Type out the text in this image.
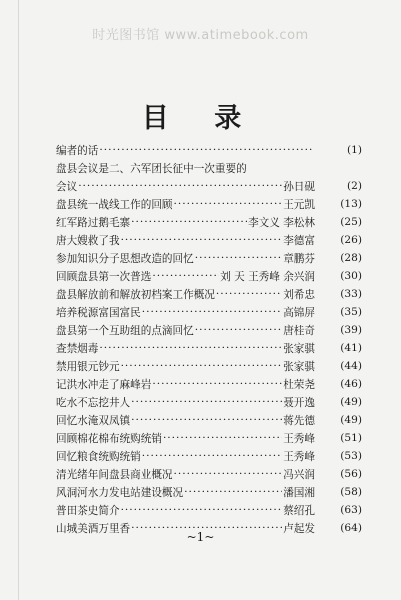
时光图书馆 www.atimebook.com
目 录
编者的话 ·····	(1)
盘县会议是二、六军团长征中一次重要的
会议 ·····	孙日砚	(2)
盘县统一战线工作的回顾 ·····	王元凯	(13)
红军路过鹅毛寨 ·····	李文义 李松林	(25)
唐大嫂救了我 ·····	李德富	(26)
参加知识分子思想改造的回忆 ·····	章鹏芬	(28)
回顾盘县第一次普选 ·····	刘 天 王秀峰 余兴润	(30)
盘县解放前和解放初档案工作概况 ·····	刘希忠	(33)
培养税源富国富民 ·····	高锦屏	(35)
盘县第一个互助组的点滴回忆 ·····	唐桂奇	(39)
查禁烟毒 ·····	张家骐	(41)
禁用银元钞元 ·····	张家骐	(44)
记洪水冲走了麻峰岩 ·····	杜荣尧	(46)
吃水不忘挖井人 ·····	聂开逸	(49)
回忆水淹双凤镇 ·····	蒋先德	(49)
回顾棉花棉布统购统销 ·····	王秀峰	(51)
回忆粮食统购统销 ·····	王秀峰	(53)
清光绪年间盘县商业概况 ·····	冯兴润	(56)
风洞河水力发电站建设概况 ·····	潘国湘	(58)
普田茶史简介 ·····	蔡绍孔	(63)
山城美酒万里香 ·····	卢起发	(64)
~1~
